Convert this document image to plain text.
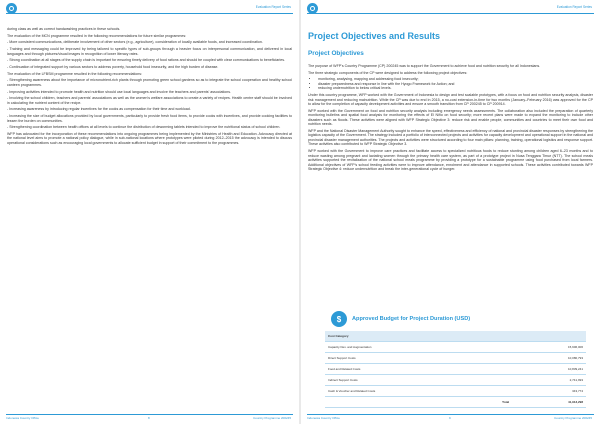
Evaluation Report Series

during class as well as correct handwashing practices in these schools.

The evaluation of the MCN programme resulted in the following recommendations for future similar programmes:

- More consistent communications, deliberate involvement of other sectors (e.g., agriculture), consideration of locally available foods, and increased coordination.

- Training and messaging could be improved by being tailored to specific types of sub-groups through a heavier focus on interpersonal communication, and delivered in local languages and through pictures/visual images in recognition of lower literacy rates.

- Strong coordination at all stages of the supply chain is important for ensuring timely delivery of food rations and should be coupled with clear communications to beneficiaries.

- Continuation of integrated support by various sectors to address poverty, household food insecurity, and the high burden of disease.

The evaluation of the LFBSM programme resulted in the following recommendations:

- Strengthening awareness about the importance of micronutrient-rich plants through promoting green school gardens so as to integrate the school cooperation and healthy school canteen programmes.

- Improving activities intended to promote health and nutrition should use local languages and involve the teachers and parents' associations.

- Involving the school children, teachers and parents' associations as well as the women's welfare associations to create a variety of recipes. Health centre staff should be involved in calculating the nutrient content of the recipe.

- Increasing awareness by introducing regular incentives for the cooks as compensation for their time and workload.

- Increasing the size of budget allocations provided by local governments, particularly to provide fresh food items, to provide cooks with incentives, and provide cooking facilities to lessen the burden on communities.

- Strengthening coordination between health offices at all levels to continue the distribution of deworming tablets intended to improve the nutritional status of school children.

WFP has advocated for the incorporation of these recommendations into ongoing programmes being implemented by the Ministries of Health and Education. Advocacy directed at the national level aims to promote a national policy dialogue, while in sub-national locations where prototypes were piloted during 2012–2015 the advocacy is intended to discuss operational considerations such as encouraging local governments to allocate sufficient budget in support of their commitment to the programmes.

Indonesia Country Office	8	Country Programme 200245
Evaluation Report Series
Project Objectives and Results
Project Objectives

The purpose of WFP's Country Programme (CP) 200245 was to support the Government to achieve food and nutrition security for all Indonesians.

The three strategic components of the CP were designed to address the following project objectives:

• monitoring, analysing, mapping and addressing food insecurity;
• disaster preparedness and response in line with the Hyogo Framework for Action; and
• reducing undernutrition to below critical levels.

Under this country programme, WFP worked with the Government of Indonesia to design and test scalable prototypes, with a focus on food and nutrition security analysis, disaster risk management and reducing malnutrition. While the CP was due to end in 2015, a no-cost extension-in-time for two months (January–February 2016) was approved for the CP to allow for the completion of capacity development activities and ensure a smooth transition from CP 200245 to CP 200914.

WFP worked with the Government on food and nutrition security analysis including emergency needs assessments. The collaboration also included the preparation of quarterly monitoring bulletins and spatial food analysis for monitoring the effects of El Niño on food security; more recent plans were made to expand the monitoring to include other disasters such as floods. These activities were aligned with WFP Strategic Objective 3: reduce risk and enable people, communities and countries to meet their own food and nutrition needs.

WFP and the National Disaster Management Authority sought to enhance the speed, effectiveness and efficiency of national and provincial disaster responses by strengthening the logistics capacity of the Government. The strategy included a portfolio of interconnected projects and activities for capacity development and operational support in the national and provincial disaster management authorities. The projects and activities were structured according to four main pillars: planning, training, operational logistics and response support. These activities also contributed to WFP Strategic Objective 3.

WFP worked with the Government to improve care practices and facilitate access to specialized nutritious foods to reduce stunting among children aged 6–23 months and to reduce wasting among pregnant and lactating women through the primary health care system, as part of a prototype project in Nusa Tenggara Timur (NTT). The school meals activities supported the revitalization of the national school meals programme by providing a prototype for a sustainable programme using food purchased from local farmers. Additional objectives of WFP's school feeding activities were to improve attendance, enrolment and attendance in supported schools. These activities contributed towards WFP Strategic Objective 4: reduce undernutrition and break the inter-generational cycle of hunger.

$	Approved Budget for Project Duration (USD)
Cost Category	
Capacity Dev. and Augmentation	15,906,006
Direct Support Costs	10,080,793
Food and Related Costs	10,839,241
Indirect Support Costs	2,741,993
Cash & Voucher and Related Costs	343,774
Total	41,913,298
Indonesia Country Office	9	Country Programme 200245
